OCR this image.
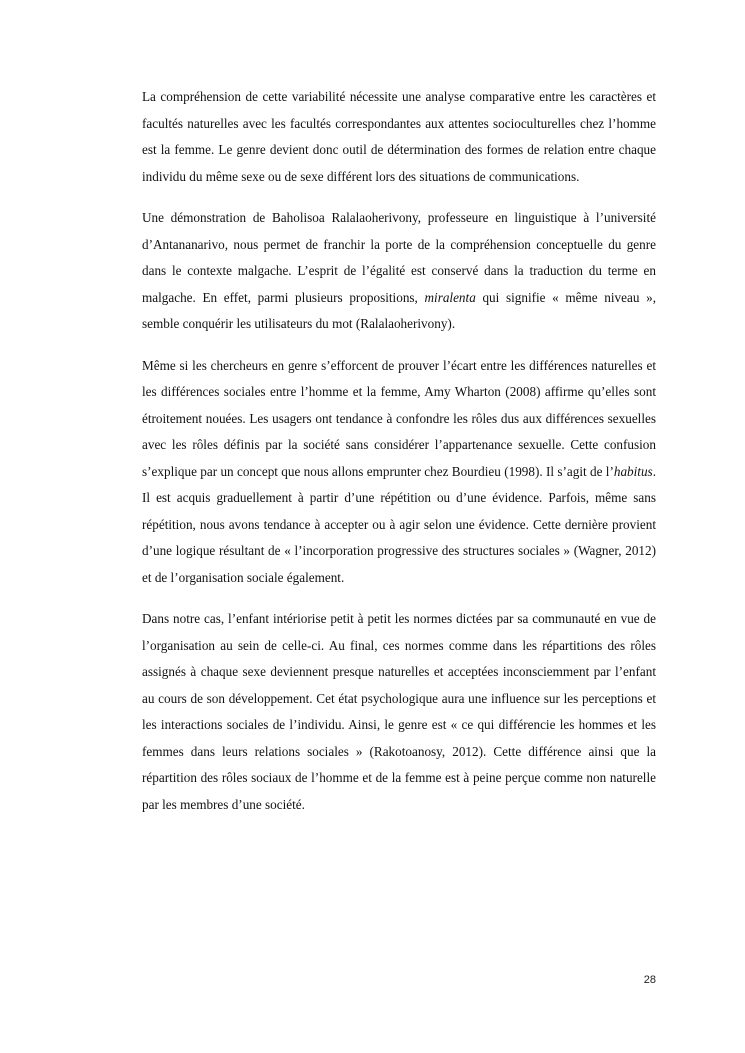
La compréhension de cette variabilité nécessite une analyse comparative entre les caractères et facultés naturelles avec les facultés correspondantes aux attentes socioculturelles chez l’homme est la femme. Le genre devient donc outil de détermination des formes de relation entre chaque individu du même sexe ou de sexe différent lors des situations de communications.

Une démonstration de Baholisoa Ralalaoherivony, professeure en linguistique à l’université d’Antananarivo, nous permet de franchir la porte de la compréhension conceptuelle du genre dans le contexte malgache. L’esprit de l’égalité est conservé dans la traduction du terme en malgache. En effet, parmi plusieurs propositions, miralenta qui signifie « même niveau », semble conquérir les utilisateurs du mot (Ralalaoherivony).

Même si les chercheurs en genre s’efforcent de prouver l’écart entre les différences naturelles et les différences sociales entre l’homme et la femme, Amy Wharton (2008) affirme qu’elles sont étroitement nouées. Les usagers ont tendance à confondre les rôles dus aux différences sexuelles avec les rôles définis par la société sans considérer l’appartenance sexuelle. Cette confusion s’explique par un concept que nous allons emprunter chez Bourdieu (1998). Il s’agit de l’habitus. Il est acquis graduellement à partir d’une répétition ou d’une évidence. Parfois, même sans répétition, nous avons tendance à accepter ou à agir selon une évidence. Cette dernière provient d’une logique résultant de « l’incorporation progressive des structures sociales » (Wagner, 2012) et de l’organisation sociale également.

Dans notre cas, l’enfant intériorise petit à petit les normes dictées par sa communauté en vue de l’organisation au sein de celle-ci. Au final, ces normes comme dans les répartitions des rôles assignés à chaque sexe deviennent presque naturelles et acceptées inconsciemment par l’enfant au cours de son développement. Cet état psychologique aura une influence sur les perceptions et les interactions sociales de l’individu. Ainsi, le genre est « ce qui différencie les hommes et les femmes dans leurs relations sociales » (Rakotoanosy, 2012). Cette différence ainsi que la répartition des rôles sociaux de l’homme et de la femme est à peine perçue comme non naturelle par les membres d’une société.

28
